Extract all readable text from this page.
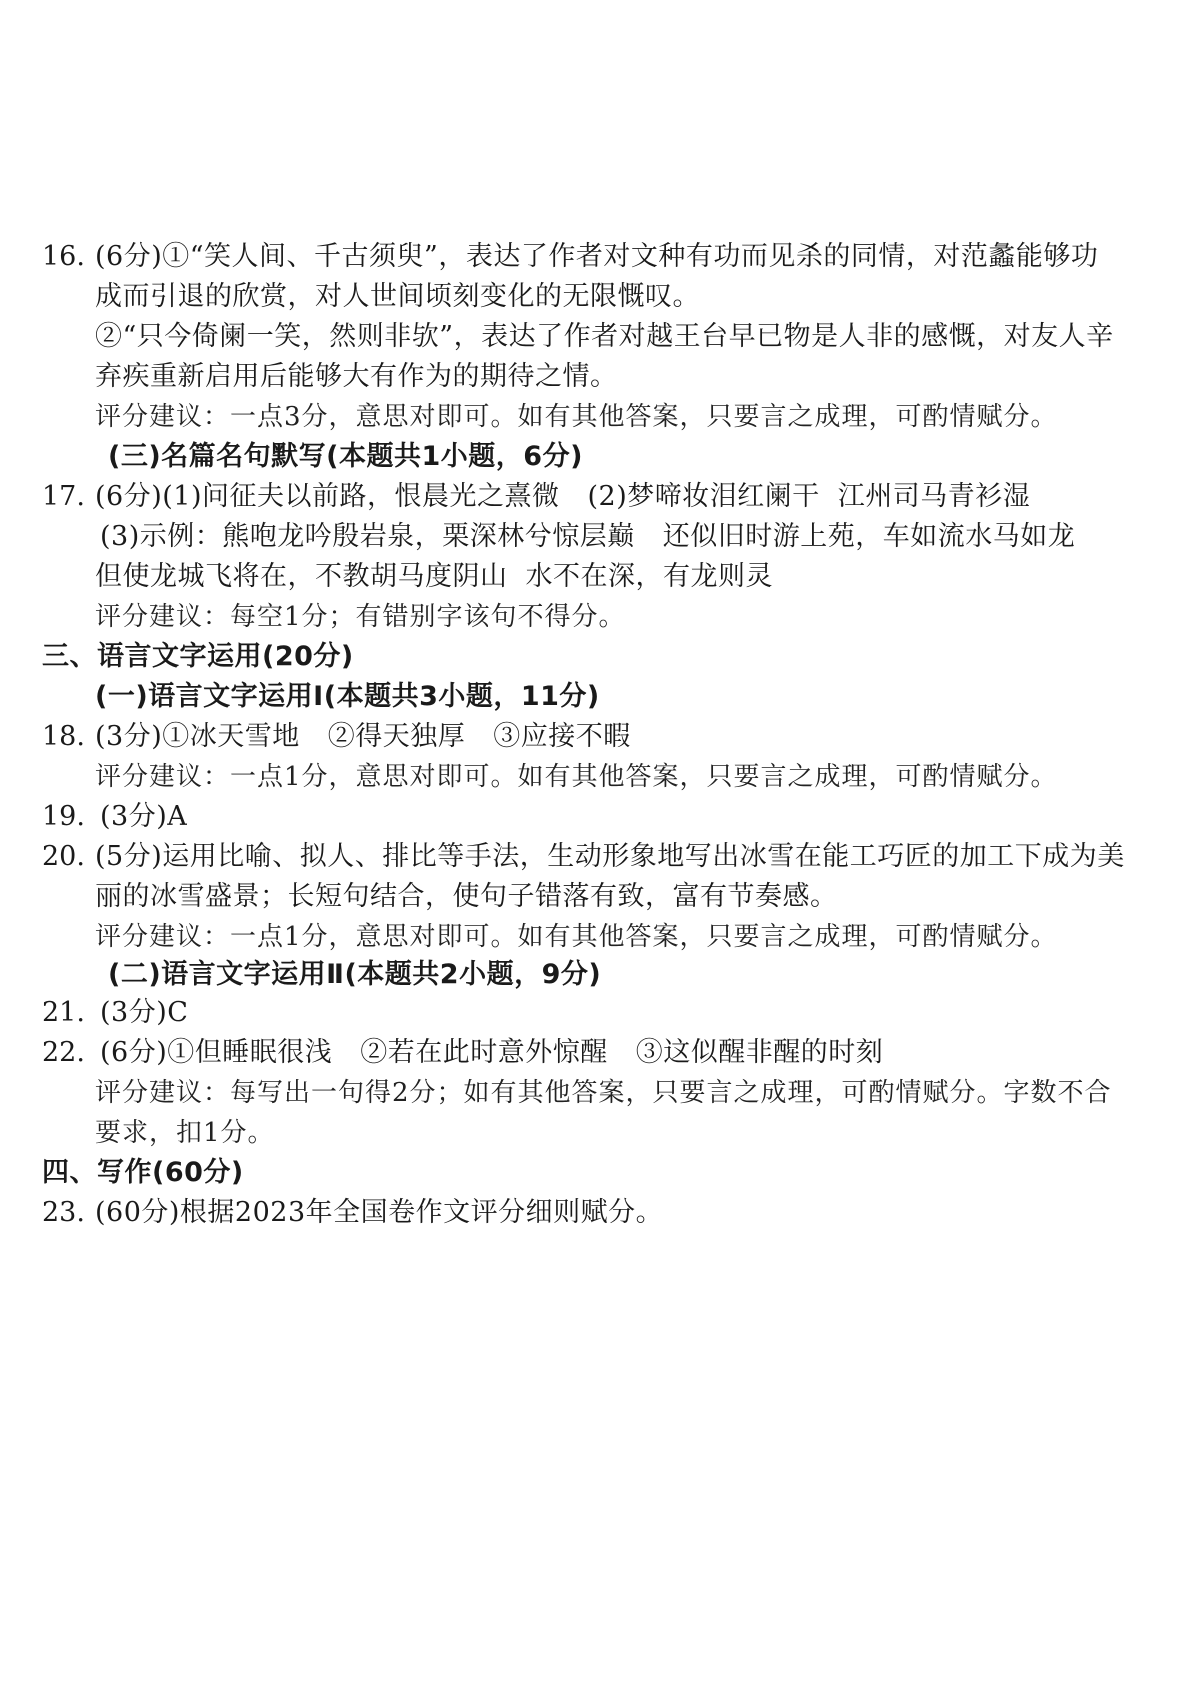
16. (6分)①“笑人间、千古须臾”，表达了作者对文种有功而见杀的同情，对范蠡能够功
成而引退的欣赏，对人世间顷刻变化的无限慨叹。
②“只今倚阑一笑，然则非欤”，表达了作者对越王台早已物是人非的感慨，对友人辛
弃疾重新启用后能够大有作为的期待之情。
评分建议：一点3分，意思对即可。如有其他答案，只要言之成理，可酌情赋分。
(三)名篇名句默写(本题共1小题，6分)
17. (6分)(1)问征夫以前路，恨晨光之熹微 (2)梦啼妆泪红阑干 江州司马青衫湿
(3)示例：熊咆龙吟殷岩泉，栗深林兮惊层巅 还似旧时游上苑，车如流水马如龙
但使龙城飞将在，不教胡马度阴山 水不在深，有龙则灵
评分建议：每空1分；有错别字该句不得分。
三、语言文字运用(20分)
(一)语言文字运用Ⅰ(本题共3小题，11分)
18. (3分)①冰天雪地 ②得天独厚 ③应接不暇
评分建议：一点1分，意思对即可。如有其他答案，只要言之成理，可酌情赋分。
19. (3分)A
20. (5分)运用比喻、拟人、排比等手法，生动形象地写出冰雪在能工巧匠的加工下成为美
丽的冰雪盛景；长短句结合，使句子错落有致，富有节奏感。
评分建议：一点1分，意思对即可。如有其他答案，只要言之成理，可酌情赋分。
(二)语言文字运用Ⅱ(本题共2小题，9分)
21. (3分)C
22. (6分)①但睡眠很浅 ②若在此时意外惊醒 ③这似醒非醒的时刻
评分建议：每写出一句得2分；如有其他答案，只要言之成理，可酌情赋分。字数不合
要求，扣1分。
四、写作(60分)
23. (60分)根据2023年全国卷作文评分细则赋分。
